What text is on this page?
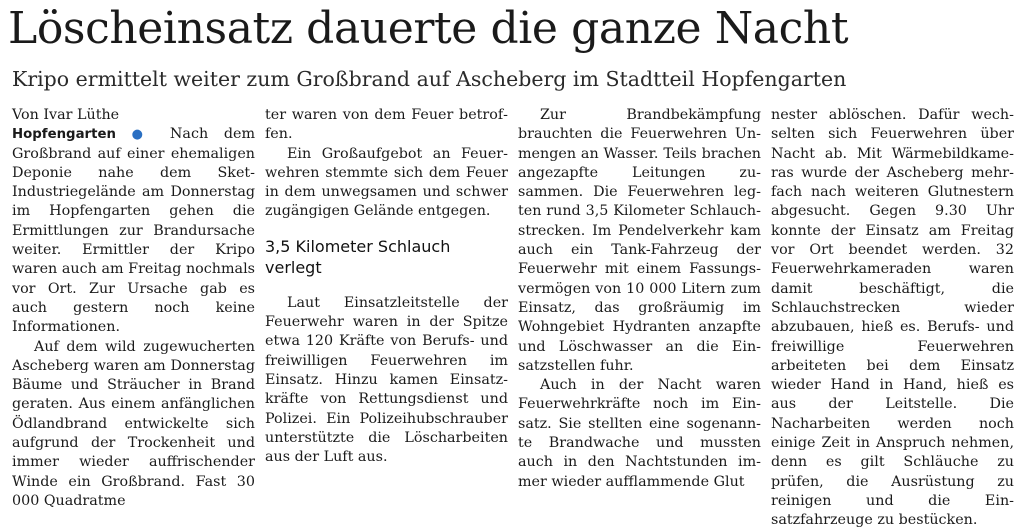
Löscheinsatz dauerte die ganze Nacht
Kripo ermittelt weiter zum Großbrand auf Ascheberg im Stadtteil Hopfengarten
Von Ivar Lüthe

Hopfengarten ● Nach dem Großbrand auf einer ehemaligen Deponie nahe dem Sket-Industriegelände am Donnerstag im Hopfengarten gehen die Ermittlungen zur Brandursache weiter. Ermittler der Kripo waren auch am Freitag nochmals vor Ort. Zur Ursache gab es auch gestern noch keine Informationen.

Auf dem wild zugewucherten Ascheberg waren am Donnerstag Bäume und Sträucher in Brand geraten. Aus einem anfänglichen Ödlandbrand entwickelte sich aufgrund der Trockenheit und immer wieder auffrischender Winde ein Großbrand. Fast 30 000 Quadratme

ter waren von dem Feuer betroffen.

Ein Großaufgebot an Feuerwehren stemmte sich dem Feuer in dem unwegsamen und schwer zugängigen Gelände entgegen.

3,5 Kilometer Schlauch verlegt

Laut Einsatzleitstelle der Feuerwehr waren in der Spitze etwa 120 Kräfte von Berufs- und freiwilligen Feuerwehren im Einsatz. Hinzu kamen Einsatzkräfte von Rettungsdienst und Polizei. Ein Polizeihubschrauber unterstützte die Löscharbeiten aus der Luft aus.

Zur Brandbekämpfung brauchten die Feuerwehren Unmengen an Wasser. Teils brachen angezapfte Leitungen zusammen. Die Feuerwehren legten rund 3,5 Kilometer Schlauchstrecken. Im Pendelverkehr kam auch ein Tank-Fahrzeug der Feuerwehr mit einem Fassungsvermögen von 10 000 Litern zum Einsatz, das großräumig im Wohngebiet Hydranten anzapfte und Löschwasser an die Einsatzstellen fuhr.

Auch in der Nacht waren Feuerwehrkräfte noch im Einsatz. Sie stellten eine sogenannte Brandwache und mussten auch in den Nachtstunden immer wieder aufflammende Glut

nester ablöschen. Dafür wechselten sich Feuerwehren über Nacht ab. Mit Wärmebildkameras wurde der Ascheberg mehrfach nach weiteren Glutnestern abgesucht. Gegen 9.30 Uhr konnte der Einsatz am Freitag vor Ort beendet werden. 32 Feuerwehrkameraden waren damit beschäftigt, die Schlauchstrecken wieder abzubauen, hieß es. Berufs- und freiwillige Feuerwehren arbeiteten bei dem Einsatz wieder Hand in Hand, hieß es aus der Leitstelle. Die Nacharbeiten werden noch einige Zeit in Anspruch nehmen, denn es gilt Schläuche zu prüfen, die Ausrüstung zu reinigen und die Einsatzfahrzeuge zu bestücken.
